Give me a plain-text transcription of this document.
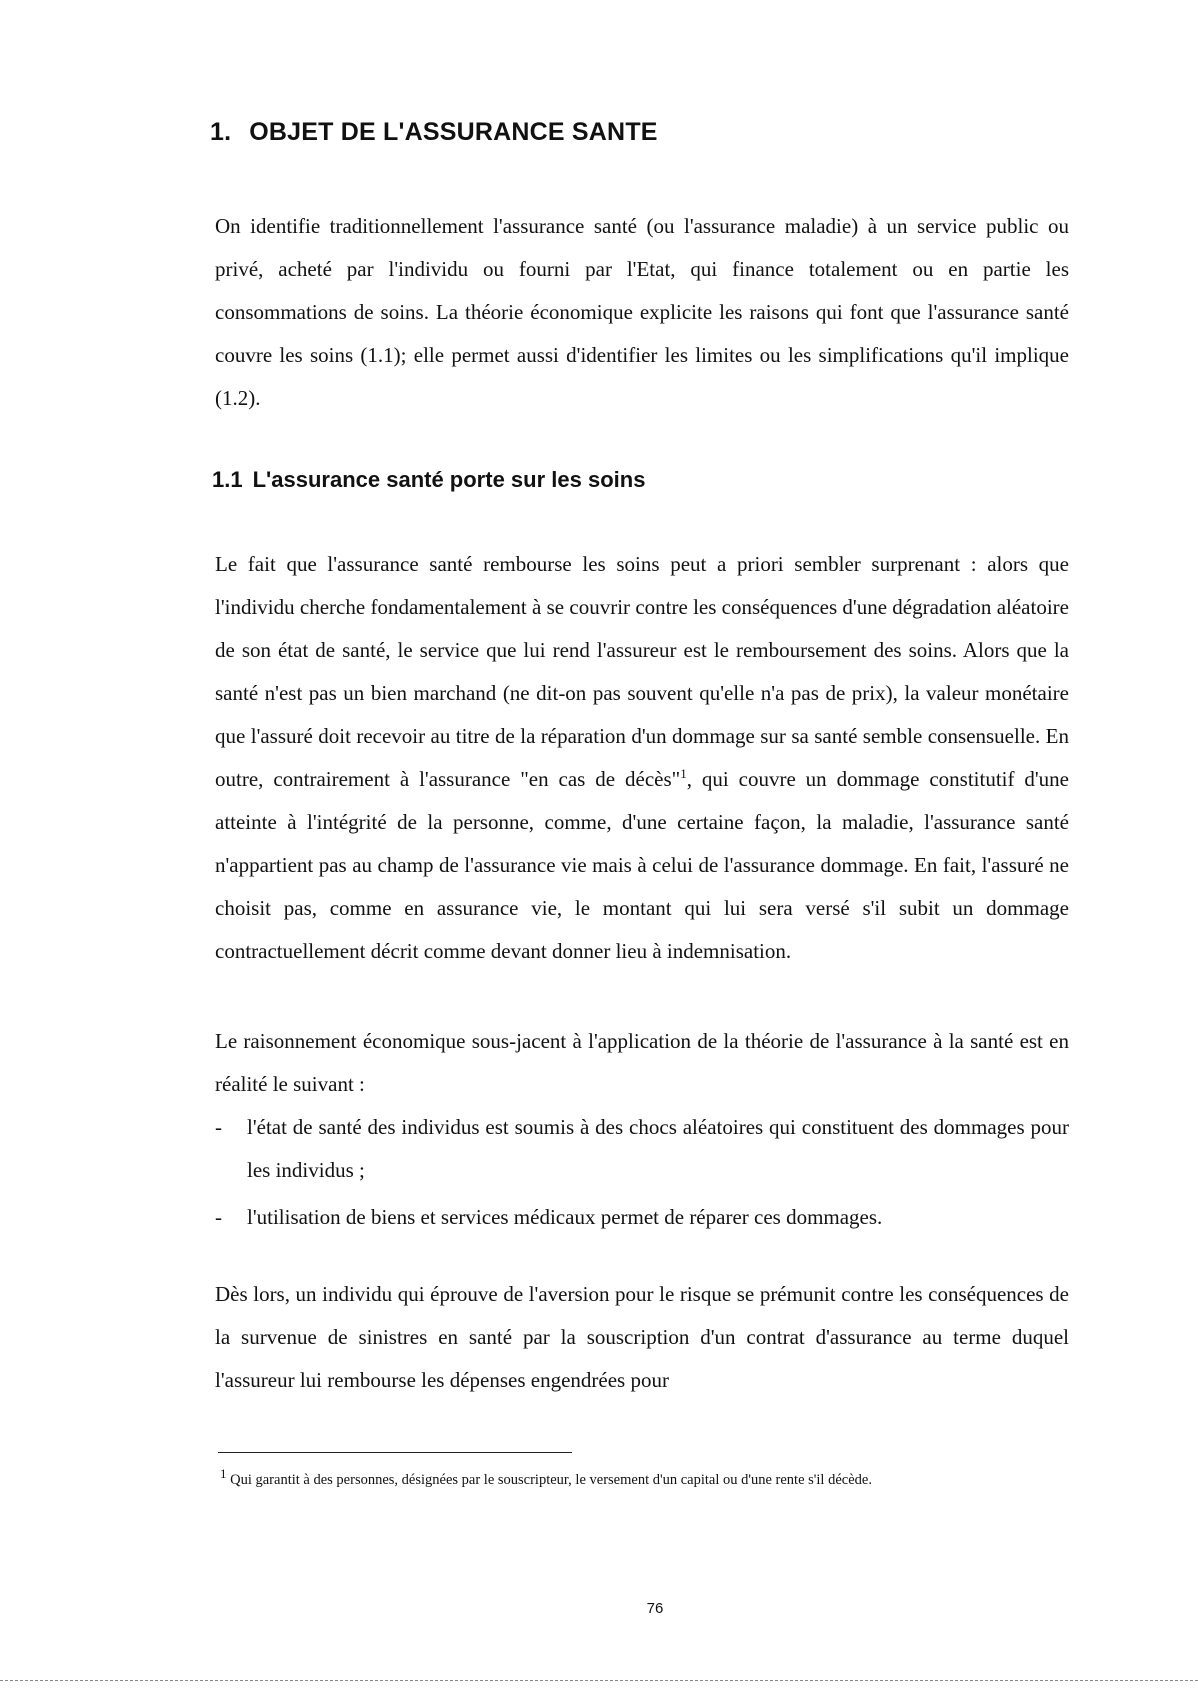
1. OBJET DE L'ASSURANCE SANTE

On identifie traditionnellement l'assurance santé (ou l'assurance maladie) à un service public ou privé, acheté par l'individu ou fourni par l'Etat, qui finance totalement ou en partie les consommations de soins. La théorie économique explicite les raisons qui font que l'assurance santé couvre les soins (1.1); elle permet aussi d'identifier les limites ou les simplifications qu'il implique (1.2).

1.1 L'assurance santé porte sur les soins

Le fait que l'assurance santé rembourse les soins peut a priori sembler surprenant : alors que l'individu cherche fondamentalement à se couvrir contre les conséquences d'une dégradation aléatoire de son état de santé, le service que lui rend l'assureur est le remboursement des soins. Alors que la santé n'est pas un bien marchand (ne dit-on pas souvent qu'elle n'a pas de prix), la valeur monétaire que l'assuré doit recevoir au titre de la réparation d'un dommage sur sa santé semble consensuelle. En outre, contrairement à l'assurance "en cas de décès"$^1$, qui couvre un dommage constitutif d'une atteinte à l'intégrité de la personne, comme, d'une certaine façon, la maladie, l'assurance santé n'appartient pas au champ de l'assurance vie mais à celui de l'assurance dommage. En fait, l'assuré ne choisit pas, comme en assurance vie, le montant qui lui sera versé s'il subit un dommage contractuellement décrit comme devant donner lieu à indemnisation.

Le raisonnement économique sous-jacent à l'application de la théorie de l'assurance à la santé est en réalité le suivant :

- l'état de santé des individus est soumis à des chocs aléatoires qui constituent des dommages pour les individus ;
- l'utilisation de biens et services médicaux permet de réparer ces dommages.

Dès lors, un individu qui éprouve de l'aversion pour le risque se prémunit contre les conséquences de la survenue de sinistres en santé par la souscription d'un contrat d'assurance au terme duquel l'assureur lui rembourse les dépenses engendrées pour

1 Qui garantit à des personnes, désignées par le souscripteur, le versement d'un capital ou d'une rente s'il décède.

76
